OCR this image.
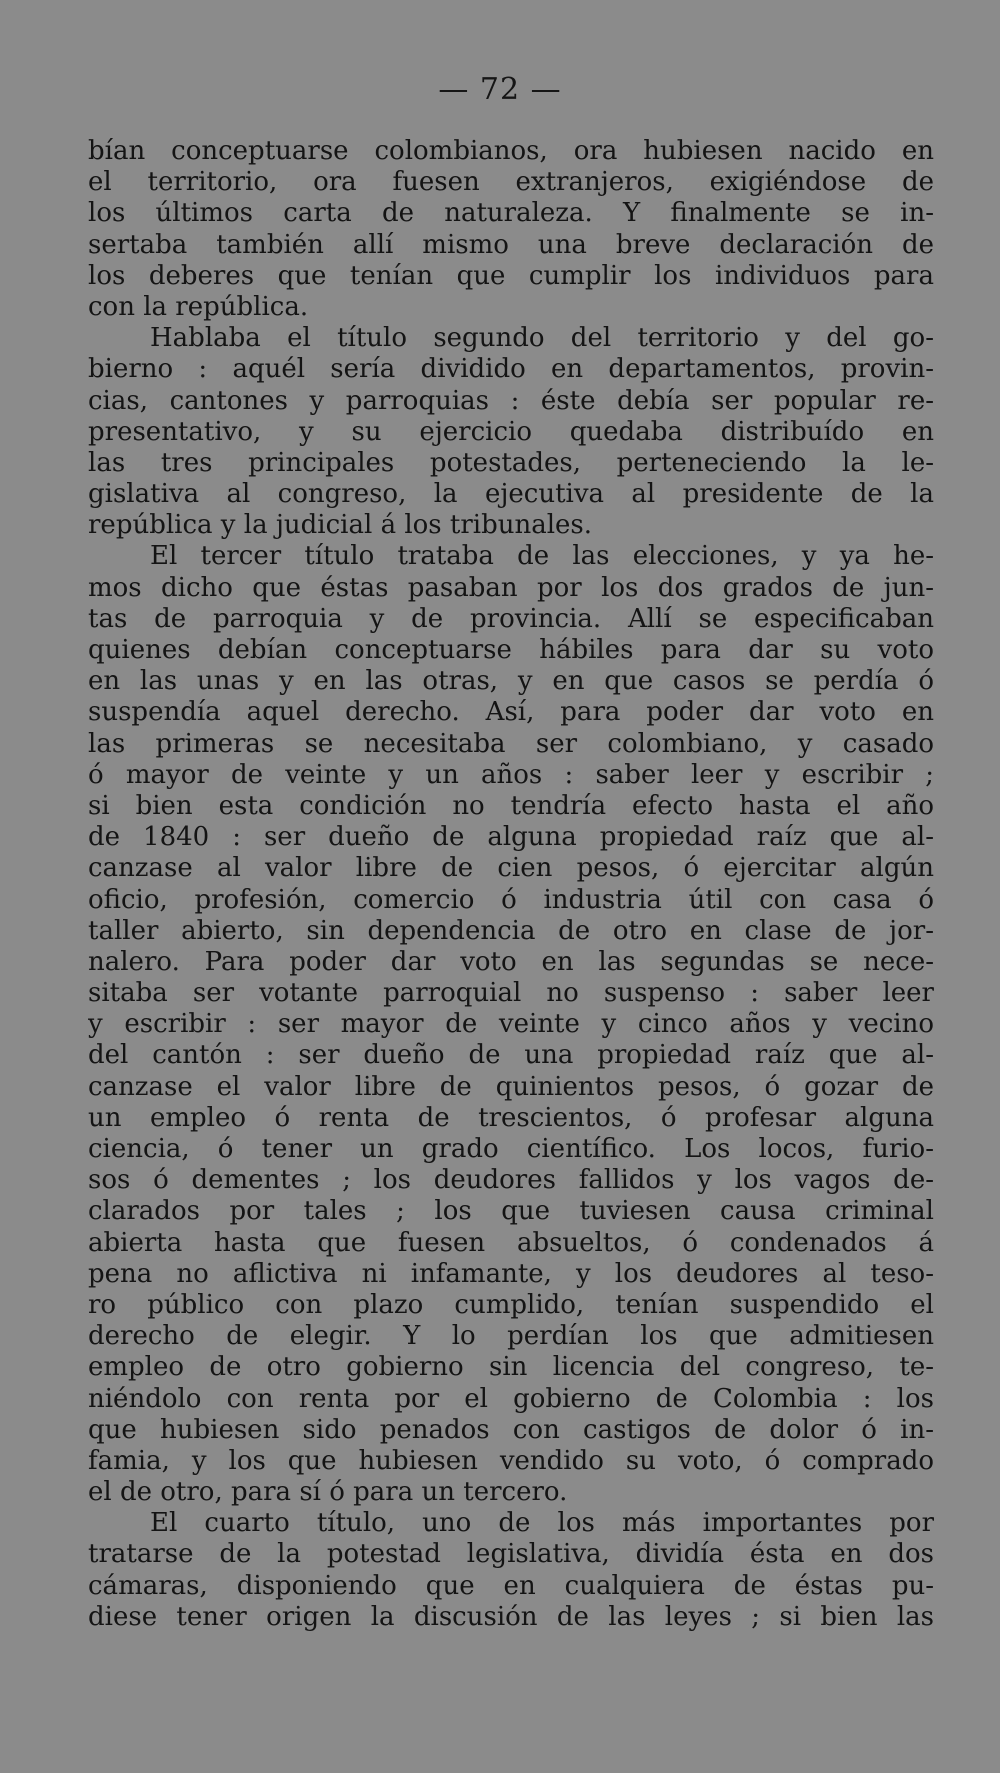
— 72 —
bían conceptuarse colombianos, ora hubiesen nacido en
el territorio, ora fuesen extranjeros, exigiéndose de
los últimos carta de naturaleza. Y finalmente se in-
sertaba también allí mismo una breve declaración de
los deberes que tenían que cumplir los individuos para
con la república.
Hablaba el título segundo del territorio y del go-
bierno : aquél sería dividido en departamentos, provin-
cias, cantones y parroquias : éste debía ser popular re-
presentativo, y su ejercicio quedaba distribuído en
las tres principales potestades, perteneciendo la le-
gislativa al congreso, la ejecutiva al presidente de la
república y la judicial á los tribunales.
El tercer título trataba de las elecciones, y ya he-
mos dicho que éstas pasaban por los dos grados de jun-
tas de parroquia y de provincia. Allí se especificaban
quienes debían conceptuarse hábiles para dar su voto
en las unas y en las otras, y en que casos se perdía ó
suspendía aquel derecho. Así, para poder dar voto en
las primeras se necesitaba ser colombiano, y casado
ó mayor de veinte y un años : saber leer y escribir ;
si bien esta condición no tendría efecto hasta el año
de 1840 : ser dueño de alguna propiedad raíz que al-
canzase al valor libre de cien pesos, ó ejercitar algún
oficio, profesión, comercio ó industria útil con casa ó
taller abierto, sin dependencia de otro en clase de jor-
nalero. Para poder dar voto en las segundas se nece-
sitaba ser votante parroquial no suspenso : saber leer
y escribir : ser mayor de veinte y cinco años y vecino
del cantón : ser dueño de una propiedad raíz que al-
canzase el valor libre de quinientos pesos, ó gozar de
un empleo ó renta de trescientos, ó profesar alguna
ciencia, ó tener un grado científico. Los locos, furio-
sos ó dementes ; los deudores fallidos y los vagos de-
clarados por tales ; los que tuviesen causa criminal
abierta hasta que fuesen absueltos, ó condenados á
pena no aflictiva ni infamante, y los deudores al teso-
ro público con plazo cumplido, tenían suspendido el
derecho de elegir. Y lo perdían los que admitiesen
empleo de otro gobierno sin licencia del congreso, te-
niéndolo con renta por el gobierno de Colombia : los
que hubiesen sido penados con castigos de dolor ó in-
famia, y los que hubiesen vendido su voto, ó comprado
el de otro, para sí ó para un tercero.
El cuarto título, uno de los más importantes por
tratarse de la potestad legislativa, dividía ésta en dos
cámaras, disponiendo que en cualquiera de éstas pu-
diese tener origen la discusión de las leyes ; si bien las
